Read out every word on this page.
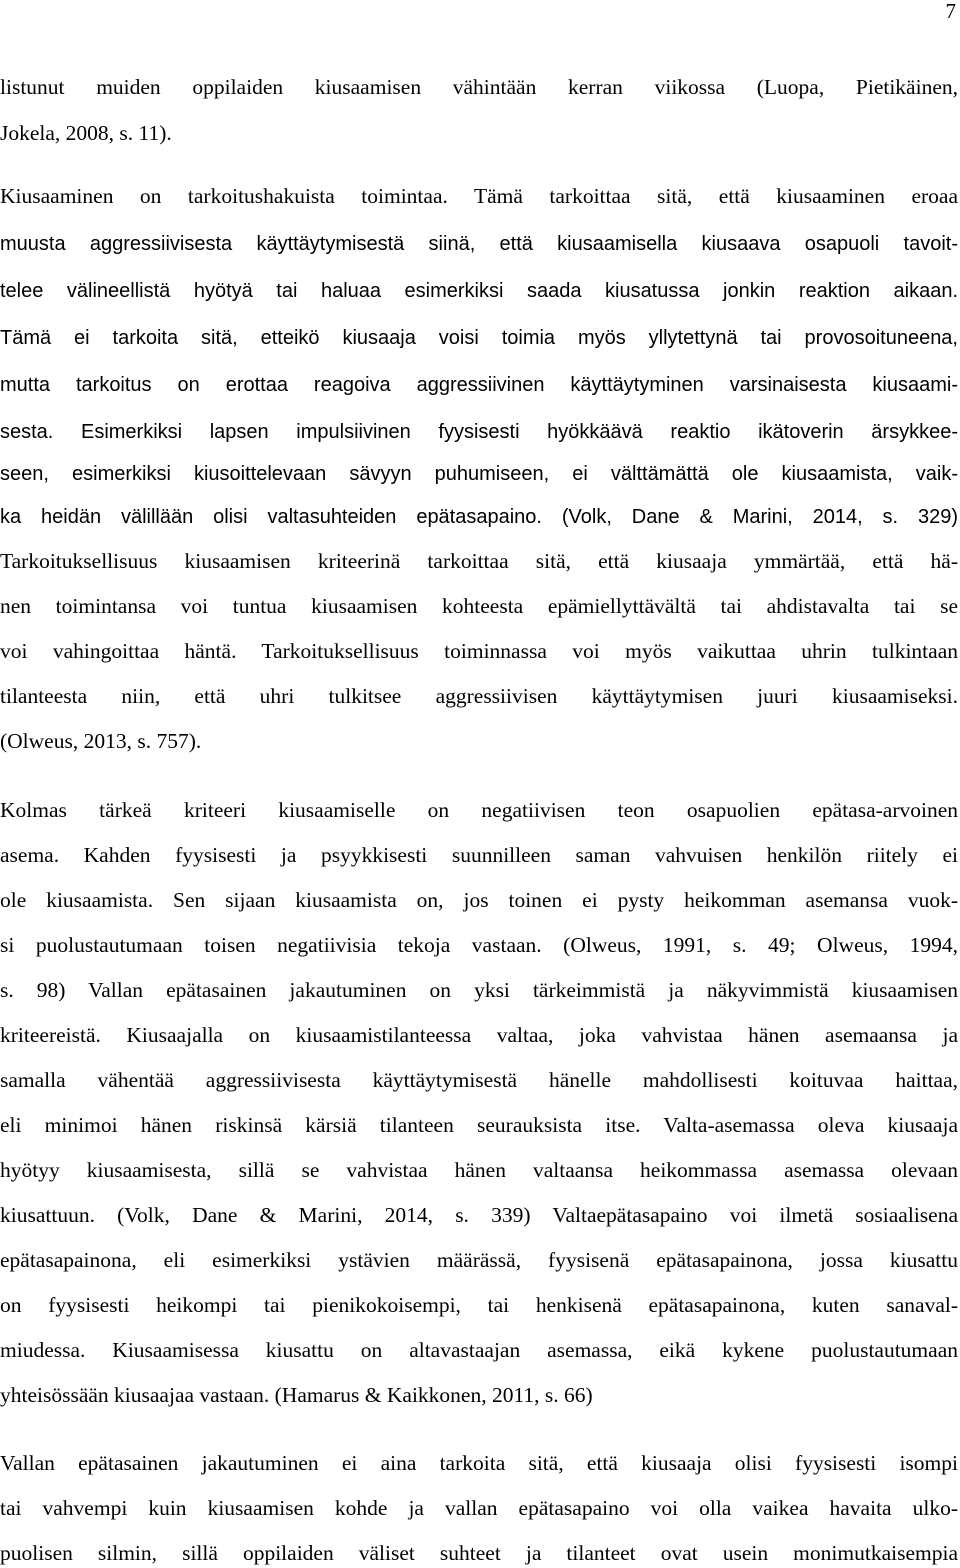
7
listunut muiden oppilaiden kiusaamisen vähintään kerran viikossa (Luopa, Pietikäinen,
Jokela, 2008, s. 11).
Kiusaaminen on tarkoitushakuista toimintaa. Tämä tarkoittaa sitä, että kiusaaminen eroaa
muusta aggressiivisesta käyttäytymisestä siinä, että kiusaamisella kiusaava osapuoli tavoit-
telee välineellistä hyötyä tai haluaa esimerkiksi saada kiusatussa jonkin reaktion aikaan.
Tämä ei tarkoita sitä, etteikö kiusaaja voisi toimia myös yllytettynä tai provosoituneena,
mutta tarkoitus on erottaa reagoiva aggressiivinen käyttäytyminen varsinaisesta kiusaami-
sesta. Esimerkiksi lapsen impulsiivinen fyysisesti hyökkäävä reaktio ikätoverin ärsykkee-
seen, esimerkiksi kiusoittelevaan sävyyn puhumiseen, ei välttämättä ole kiusaamista, vaik-
ka heidän välillään olisi valtasuhteiden epätasapaino. (Volk, Dane & Marini, 2014, s. 329)
Tarkoituksellisuus kiusaamisen kriteerinä tarkoittaa sitä, että kiusaaja ymmärtää, että hä-
nen toimintansa voi tuntua kiusaamisen kohteesta epämiellyttävältä tai ahdistavalta tai se
voi vahingoittaa häntä. Tarkoituksellisuus toiminnassa voi myös vaikuttaa uhrin tulkintaan
tilanteesta niin, että uhri tulkitsee aggressiivisen käyttäytymisen juuri kiusaamiseksi.
(Olweus, 2013, s. 757).
Kolmas tärkeä kriteeri kiusaamiselle on negatiivisen teon osapuolien epätasa-arvoinen
asema. Kahden fyysisesti ja psyykkisesti suunnilleen saman vahvuisen henkilön riitely ei
ole kiusaamista. Sen sijaan kiusaamista on, jos toinen ei pysty heikomman asemansa vuok-
si puolustautumaan toisen negatiivisia tekoja vastaan. (Olweus, 1991, s. 49; Olweus, 1994,
s. 98) Vallan epätasainen jakautuminen on yksi tärkeimmistä ja näkyvimmistä kiusaamisen
kriteereistä. Kiusaajalla on kiusaamistilanteessa valtaa, joka vahvistaa hänen asemaansa ja
samalla vähentää aggressiivisesta käyttäytymisestä hänelle mahdollisesti koituvaa haittaa,
eli minimoi hänen riskinsä kärsiä tilanteen seurauksista itse. Valta-asemassa oleva kiusaaja
hyötyy kiusaamisesta, sillä se vahvistaa hänen valtaansa heikommassa asemassa olevaan
kiusattuun. (Volk, Dane & Marini, 2014, s. 339) Valtaepätasapaino voi ilmetä sosiaalisena
epätasapainona, eli esimerkiksi ystävien määrässä, fyysisenä epätasapainona, jossa kiusattu
on fyysisesti heikompi tai pienikokoisempi, tai henkisenä epätasapainona, kuten sanaval-
miudessa. Kiusaamisessa kiusattu on altavastaajan asemassa, eikä kykene puolustautumaan
yhteisössään kiusaajaa vastaan. (Hamarus & Kaikkonen, 2011, s. 66)
Vallan epätasainen jakautuminen ei aina tarkoita sitä, että kiusaaja olisi fyysisesti isompi
tai vahvempi kuin kiusaamisen kohde ja vallan epätasapaino voi olla vaikea havaita ulko-
puolisen silmin, sillä oppilaiden väliset suhteet ja tilanteet ovat usein monimutkaisempia
